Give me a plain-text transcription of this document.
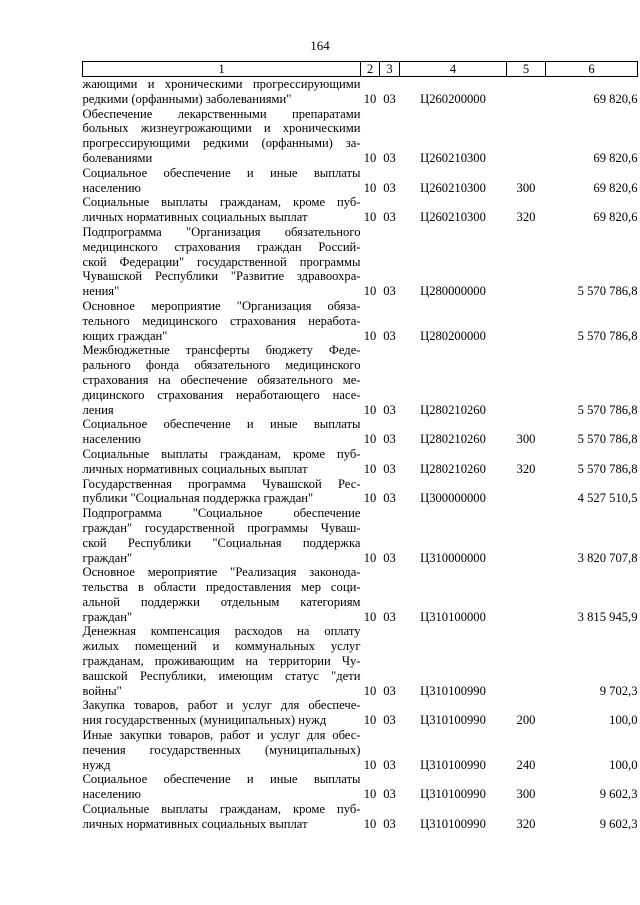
164
1	2	3	4	5	6

жающими и хроническими прогрессирующими
редкими (орфанными) заболеваниями"	10	03	Ц260200000		69 820,6

Обеспечение лекарственными препаратами
больных жизнеугрожающими и хроническими
прогрессирующими редкими (орфанными) за-
болеваниями	10	03	Ц260210300		69 820,6

Социальное обеспечение и иные выплаты
населению	10	03	Ц260210300	300	69 820,6

Социальные выплаты гражданам, кроме пуб-
личных нормативных социальных выплат	10	03	Ц260210300	320	69 820,6

Подпрограмма "Организация обязательного
медицинского страхования граждан Россий-
ской Федерации" государственной программы
Чувашской Республики "Развитие здравоохра-
нения"	10	03	Ц280000000		5 570 786,8

Основное мероприятие "Организация обяза-
тельного медицинского страхования неработа-
ющих граждан"	10	03	Ц280200000		5 570 786,8

Межбюджетные трансферты бюджету Феде-
рального фонда обязательного медицинского
страхования на обеспечение обязательного ме-
дицинского страхования неработающего насе-
ления	10	03	Ц280210260		5 570 786,8

Социальное обеспечение и иные выплаты
населению	10	03	Ц280210260	300	5 570 786,8

Социальные выплаты гражданам, кроме пуб-
личных нормативных социальных выплат	10	03	Ц280210260	320	5 570 786,8

Государственная программа Чувашской Рес-
публики "Социальная поддержка граждан"	10	03	Ц300000000		4 527 510,5

Подпрограмма "Социальное обеспечение
граждан" государственной программы Чуваш-
ской Республики "Социальная поддержка
граждан"	10	03	Ц310000000		3 820 707,8

Основное мероприятие "Реализация законода-
тельства в области предоставления мер соци-
альной поддержки отдельным категориям
граждан"	10	03	Ц310100000		3 815 945,9

Денежная компенсация расходов на оплату
жилых помещений и коммунальных услуг
гражданам, проживающим на территории Чу-
вашской Республики, имеющим статус "дети
войны"	10	03	Ц310100990		9 702,3

Закупка товаров, работ и услуг для обеспече-
ния государственных (муниципальных) нужд	10	03	Ц310100990	200	100,0

Иные закупки товаров, работ и услуг для обес-
печения государственных (муниципальных)
нужд	10	03	Ц310100990	240	100,0

Социальное обеспечение и иные выплаты
населению	10	03	Ц310100990	300	9 602,3

Социальные выплаты гражданам, кроме пуб-
личных нормативных социальных выплат	10	03	Ц310100990	320	9 602,3
